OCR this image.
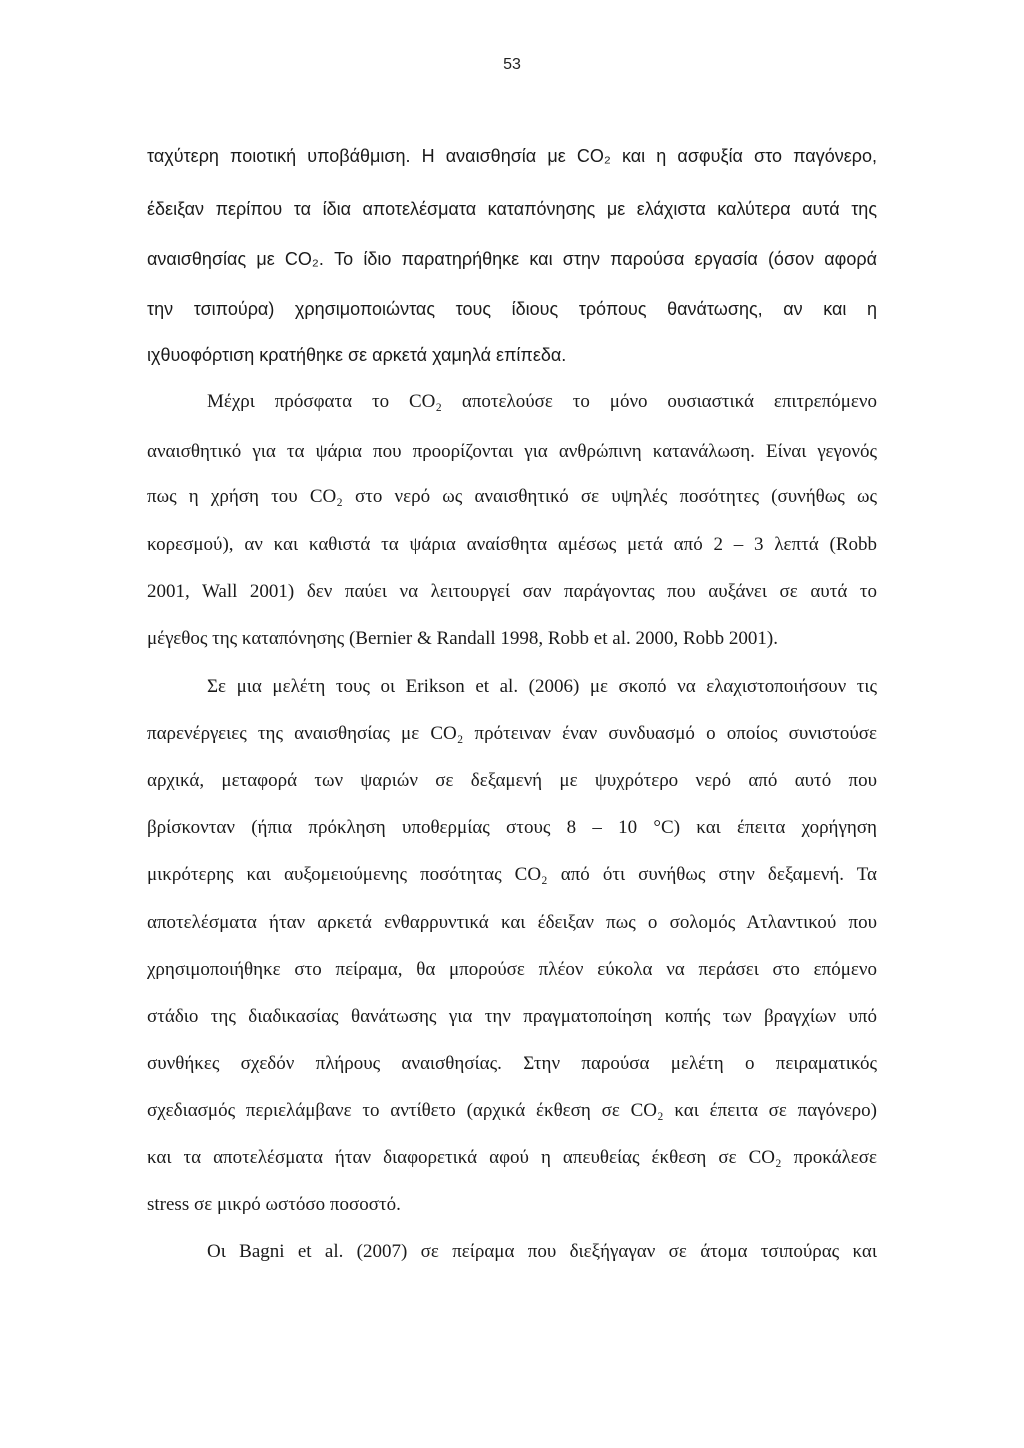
53
ταχύτερη ποιοτική υποβάθμιση. Η αναισθησία με CO₂ και η ασφυξία στο παγόνερο,
έδειξαν περίπου τα ίδια αποτελέσματα καταπόνησης με ελάχιστα καλύτερα αυτά της
αναισθησίας με CO₂. Το ίδιο παρατηρήθηκε και στην παρούσα εργασία (όσον αφορά
την τσιπούρα) χρησιμοποιώντας τους ίδιους τρόπους θανάτωσης, αν και η
ιχθυοφόρτιση κρατήθηκε σε αρκετά χαμηλά επίπεδα.
Μέχρι πρόσφατα το CO₂ αποτελούσε το μόνο ουσιαστικά επιτρεπόμενο
αναισθητικό για τα ψάρια που προορίζονται για ανθρώπινη κατανάλωση. Είναι γεγονός
πως η χρήση του CO₂ στο νερό ως αναισθητικό σε υψηλές ποσότητες (συνήθως ως
κορεσμού), αν και καθιστά τα ψάρια αναίσθητα αμέσως μετά από 2 – 3 λεπτά (Robb
2001, Wall 2001) δεν παύει να λειτουργεί σαν παράγοντας που αυξάνει σε αυτά το
μέγεθος της καταπόνησης (Bernier & Randall 1998, Robb et al. 2000, Robb 2001).
Σε μια μελέτη τους οι Erikson et al. (2006) με σκοπό να ελαχιστοποιήσουν τις
παρενέργειες της αναισθησίας με CO₂ πρότειναν έναν συνδυασμό ο οποίος συνιστούσε
αρχικά, μεταφορά των ψαριών σε δεξαμενή με ψυχρότερο νερό από αυτό που
βρίσκονταν (ήπια πρόκληση υποθερμίας στους 8 – 10 °C) και έπειτα χορήγηση
μικρότερης και αυξομειούμενης ποσότητας CO₂ από ότι συνήθως στην δεξαμενή. Τα
αποτελέσματα ήταν αρκετά ενθαρρυντικά και έδειξαν πως ο σολομός Ατλαντικού που
χρησιμοποιήθηκε στο πείραμα, θα μπορούσε πλέον εύκολα να περάσει στο επόμενο
στάδιο της διαδικασίας θανάτωσης για την πραγματοποίηση κοπής των βραγχίων υπό
συνθήκες σχεδόν πλήρους αναισθησίας. Στην παρούσα μελέτη ο πειραματικός
σχεδιασμός περιελάμβανε το αντίθετο (αρχικά έκθεση σε CO₂ και έπειτα σε παγόνερο)
και τα αποτελέσματα ήταν διαφορετικά αφού η απευθείας έκθεση σε CO₂ προκάλεσε
stress σε μικρό ωστόσο ποσοστό.
Οι Bagni et al. (2007) σε πείραμα που διεξήγαγαν σε άτομα τσιπούρας και
